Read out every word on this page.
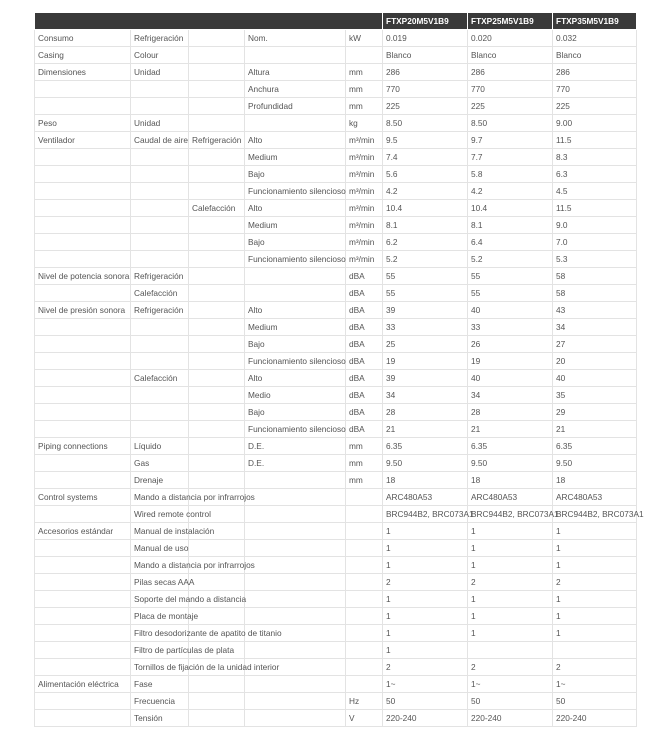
					FTXP20M5V1B9	FTXP25M5V1B9	FTXP35M5V1B9
Consumo	Refrigeración		Nom.	kW	0.019	0.020	0.032
Casing	Colour				Blanco	Blanco	Blanco
Dimensiones	Unidad		Altura	mm	286	286	286
			Anchura	mm	770	770	770
			Profundidad	mm	225	225	225
Peso	Unidad			kg	8.50	8.50	9.00
Ventilador	Caudal de aire	Refrigeración	Alto	m³/min	9.5	9.7	11.5
			Medium	m³/min	7.4	7.7	8.3
			Bajo	m³/min	5.6	5.8	6.3
			Funcionamiento silencioso	m³/min	4.2	4.2	4.5
		Calefacción	Alto	m³/min	10.4	10.4	11.5
			Medium	m³/min	8.1	8.1	9.0
			Bajo	m³/min	6.2	6.4	7.0
			Funcionamiento silencioso	m³/min	5.2	5.2	5.3
Nivel de potencia sonora	Refrigeración			dBA	55	55	58
	Calefacción			dBA	55	55	58
Nivel de presión sonora	Refrigeración		Alto	dBA	39	40	43
			Medium	dBA	33	33	34
			Bajo	dBA	25	26	27
			Funcionamiento silencioso	dBA	19	19	20
	Calefacción		Alto	dBA	39	40	40
			Medio	dBA	34	34	35
			Bajo	dBA	28	28	29
			Funcionamiento silencioso	dBA	21	21	21
Piping connections	Líquido		D.E.	mm	6.35	6.35	6.35
	Gas		D.E.	mm	9.50	9.50	9.50
	Drenaje			mm	18	18	18
Control systems	Mando a distancia por infrarrojos				ARC480A53	ARC480A53	ARC480A53
	Wired remote control				BRC944B2, BRC073A1	BRC944B2, BRC073A1	BRC944B2, BRC073A1
Accesorios estándar	Manual de instalación				1	1	1
	Manual de uso				1	1	1
	Mando a distancia por infrarrojos				1	1	1
	Pilas secas AAA				2	2	2
	Soporte del mando a distancia				1	1	1
	Placa de montaje				1	1	1
	Filtro desodorizante de apatito de titanio				1	1	1
	Filtro de partículas de plata				1		
	Tornillos de fijación de la unidad interior				2	2	2
Alimentación eléctrica	Fase				1~	1~	1~
	Frecuencia			Hz	50	50	50
	Tensión			V	220-240	220-240	220-240
